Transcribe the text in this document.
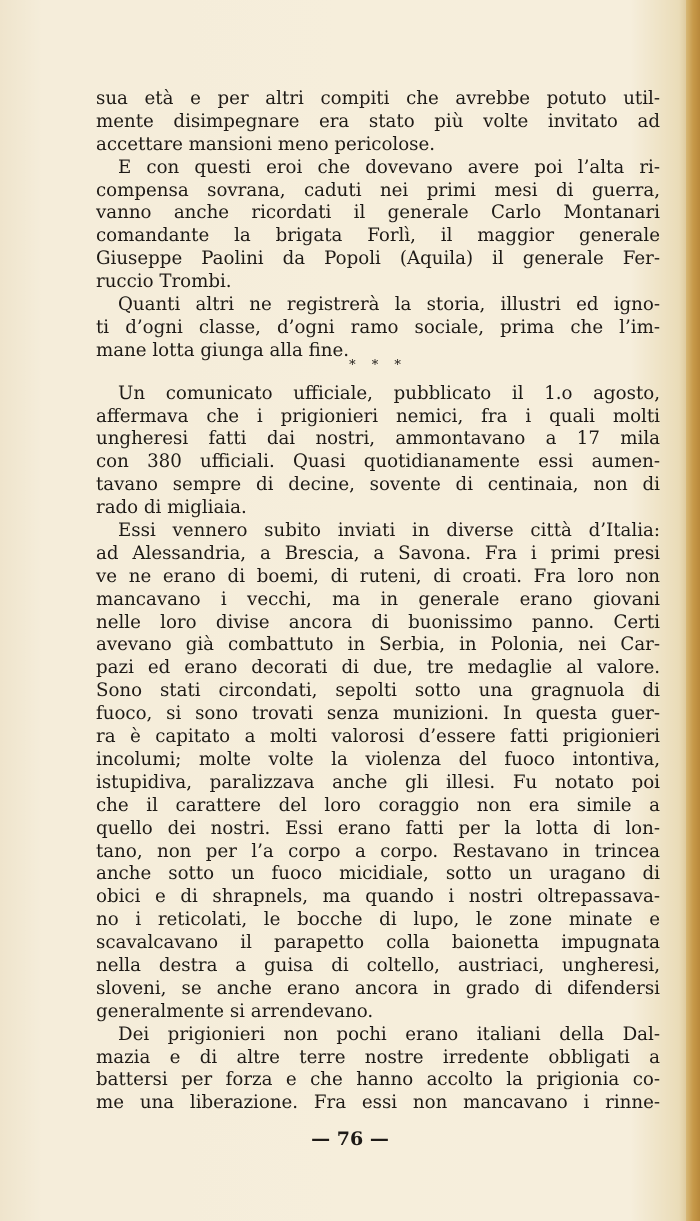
sua età e per altri compiti che avrebbe potuto util-
mente disimpegnare era stato più volte invitato ad
accettare mansioni meno pericolose.
E con questi eroi che dovevano avere poi l’alta ri-
compensa sovrana, caduti nei primi mesi di guerra,
vanno anche ricordati il generale Carlo Montanari
comandante la brigata Forlì, il maggior generale
Giuseppe Paolini da Popoli (Aquila) il generale Fer-
ruccio Trombi.
Quanti altri ne registrerà la storia, illustri ed igno-
ti d’ogni classe, d’ogni ramo sociale, prima che l’im-
mane lotta giunga alla fine.
* * *
Un comunicato ufficiale, pubblicato il 1.o agosto,
affermava che i prigionieri nemici, fra i quali molti
ungheresi fatti dai nostri, ammontavano a 17 mila
con 380 ufficiali. Quasi quotidianamente essi aumen-
tavano sempre di decine, sovente di centinaia, non di
rado di migliaia.
Essi vennero subito inviati in diverse città d’Italia:
ad Alessandria, a Brescia, a Savona. Fra i primi presi
ve ne erano di boemi, di ruteni, di croati. Fra loro non
mancavano i vecchi, ma in generale erano giovani
nelle loro divise ancora di buonissimo panno. Certi
avevano già combattuto in Serbia, in Polonia, nei Car-
pazi ed erano decorati di due, tre medaglie al valore.
Sono stati circondati, sepolti sotto una gragnuola di
fuoco, si sono trovati senza munizioni. In questa guer-
ra è capitato a molti valorosi d’essere fatti prigionieri
incolumi; molte volte la violenza del fuoco intontiva,
istupidiva, paralizzava anche gli illesi. Fu notato poi
che il carattere del loro coraggio non era simile a
quello dei nostri. Essi erano fatti per la lotta di lon-
tano, non per l’a corpo a corpo. Restavano in trincea
anche sotto un fuoco micidiale, sotto un uragano di
obici e di shrapnels, ma quando i nostri oltrepassava-
no i reticolati, le bocche di lupo, le zone minate e
scavalcavano il parapetto colla baionetta impugnata
nella destra a guisa di coltello, austriaci, ungheresi,
sloveni, se anche erano ancora in grado di difendersi
generalmente si arrendevano.
Dei prigionieri non pochi erano italiani della Dal-
mazia e di altre terre nostre irredente obbligati a
battersi per forza e che hanno accolto la prigionia co-
me una liberazione. Fra essi non mancavano i rinne-
— 76 —
